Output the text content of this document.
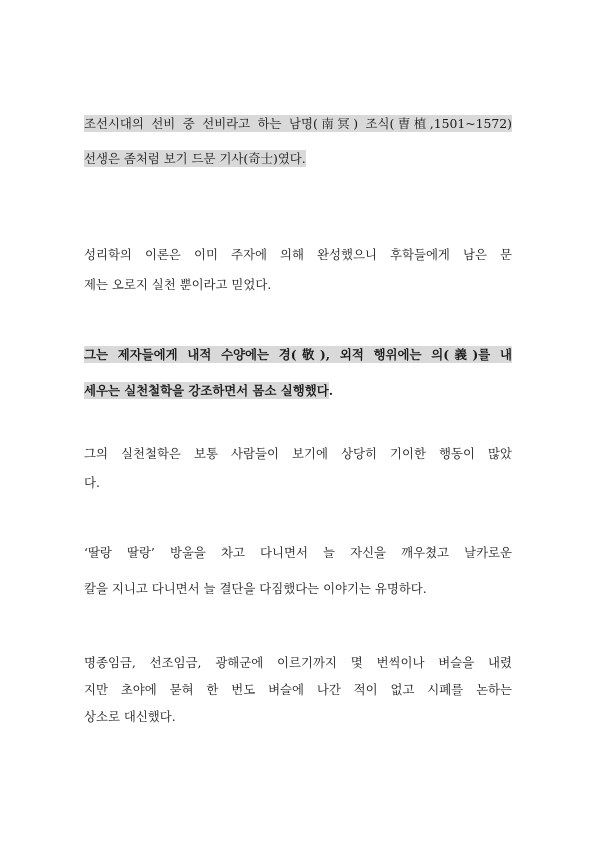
조선시대의 선비 중 선비라고 하는 남명(南冥) 조식(曺植,1501~1572)
선생은 좀처럼 보기 드문 기사(奇士)였다.
성리학의 이론은 이미 주자에 의해 완성했으니 후학들에게 남은 문
제는 오로지 실천 뿐이라고 믿었다.
그는 제자들에게 내적 수양에는 경(敬), 외적 행위에는 의(義)를 내
세우는 실천철학을 강조하면서 몸소 실행했다.
그의 실천철학은 보통 사람들이 보기에 상당히 기이한 행동이 많았
다.
‘딸랑 딸랑’ 방울을 차고 다니면서 늘 자신을 깨우쳤고 날카로운
칼을 지니고 다니면서 늘 결단을 다짐했다는 이야기는 유명하다.
명종임금, 선조임금, 광해군에 이르기까지 몇 번씩이나 벼슬을 내렸
지만 초야에 묻혀 한 번도 벼슬에 나간 적이 없고 시폐를 논하는
상소로 대신했다.
